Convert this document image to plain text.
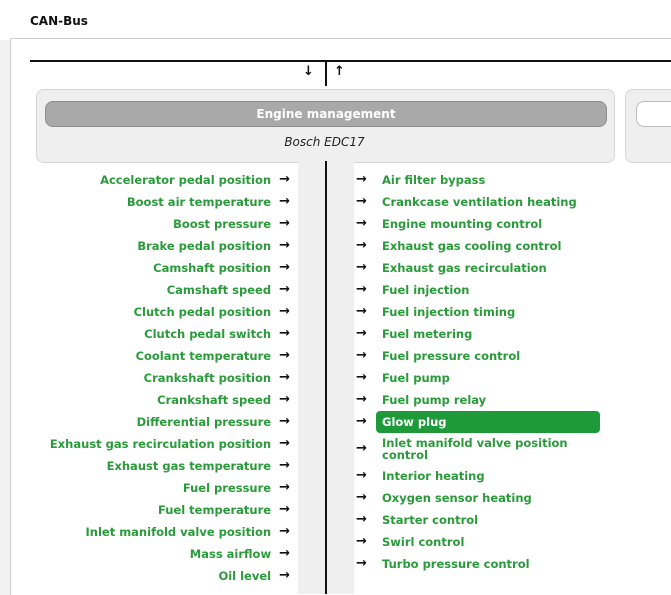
CAN-Bus
↓ ↑
Engine management
Bosch EDC17
Accelerator pedal position →
Boost air temperature →
Boost pressure →
Brake pedal position →
Camshaft position →
Camshaft speed →
Clutch pedal position →
Clutch pedal switch →
Coolant temperature →
Crankshaft position →
Crankshaft speed →
Differential pressure →
Exhaust gas recirculation position →
Exhaust gas temperature →
Fuel pressure →
Fuel temperature →
Inlet manifold valve position →
Mass airflow →
Oil level →
→	Air filter bypass
→	Crankcase ventilation heating
→	Engine mounting control
→	Exhaust gas cooling control
→	Exhaust gas recirculation
→	Fuel injection
→	Fuel injection timing
→	Fuel metering
→	Fuel pressure control
→	Fuel pump
→	Fuel pump relay
→	Glow plug
→	Inlet manifold valve position control
→	Interior heating
→	Oxygen sensor heating
→	Starter control
→	Swirl control
→	Turbo pressure control
